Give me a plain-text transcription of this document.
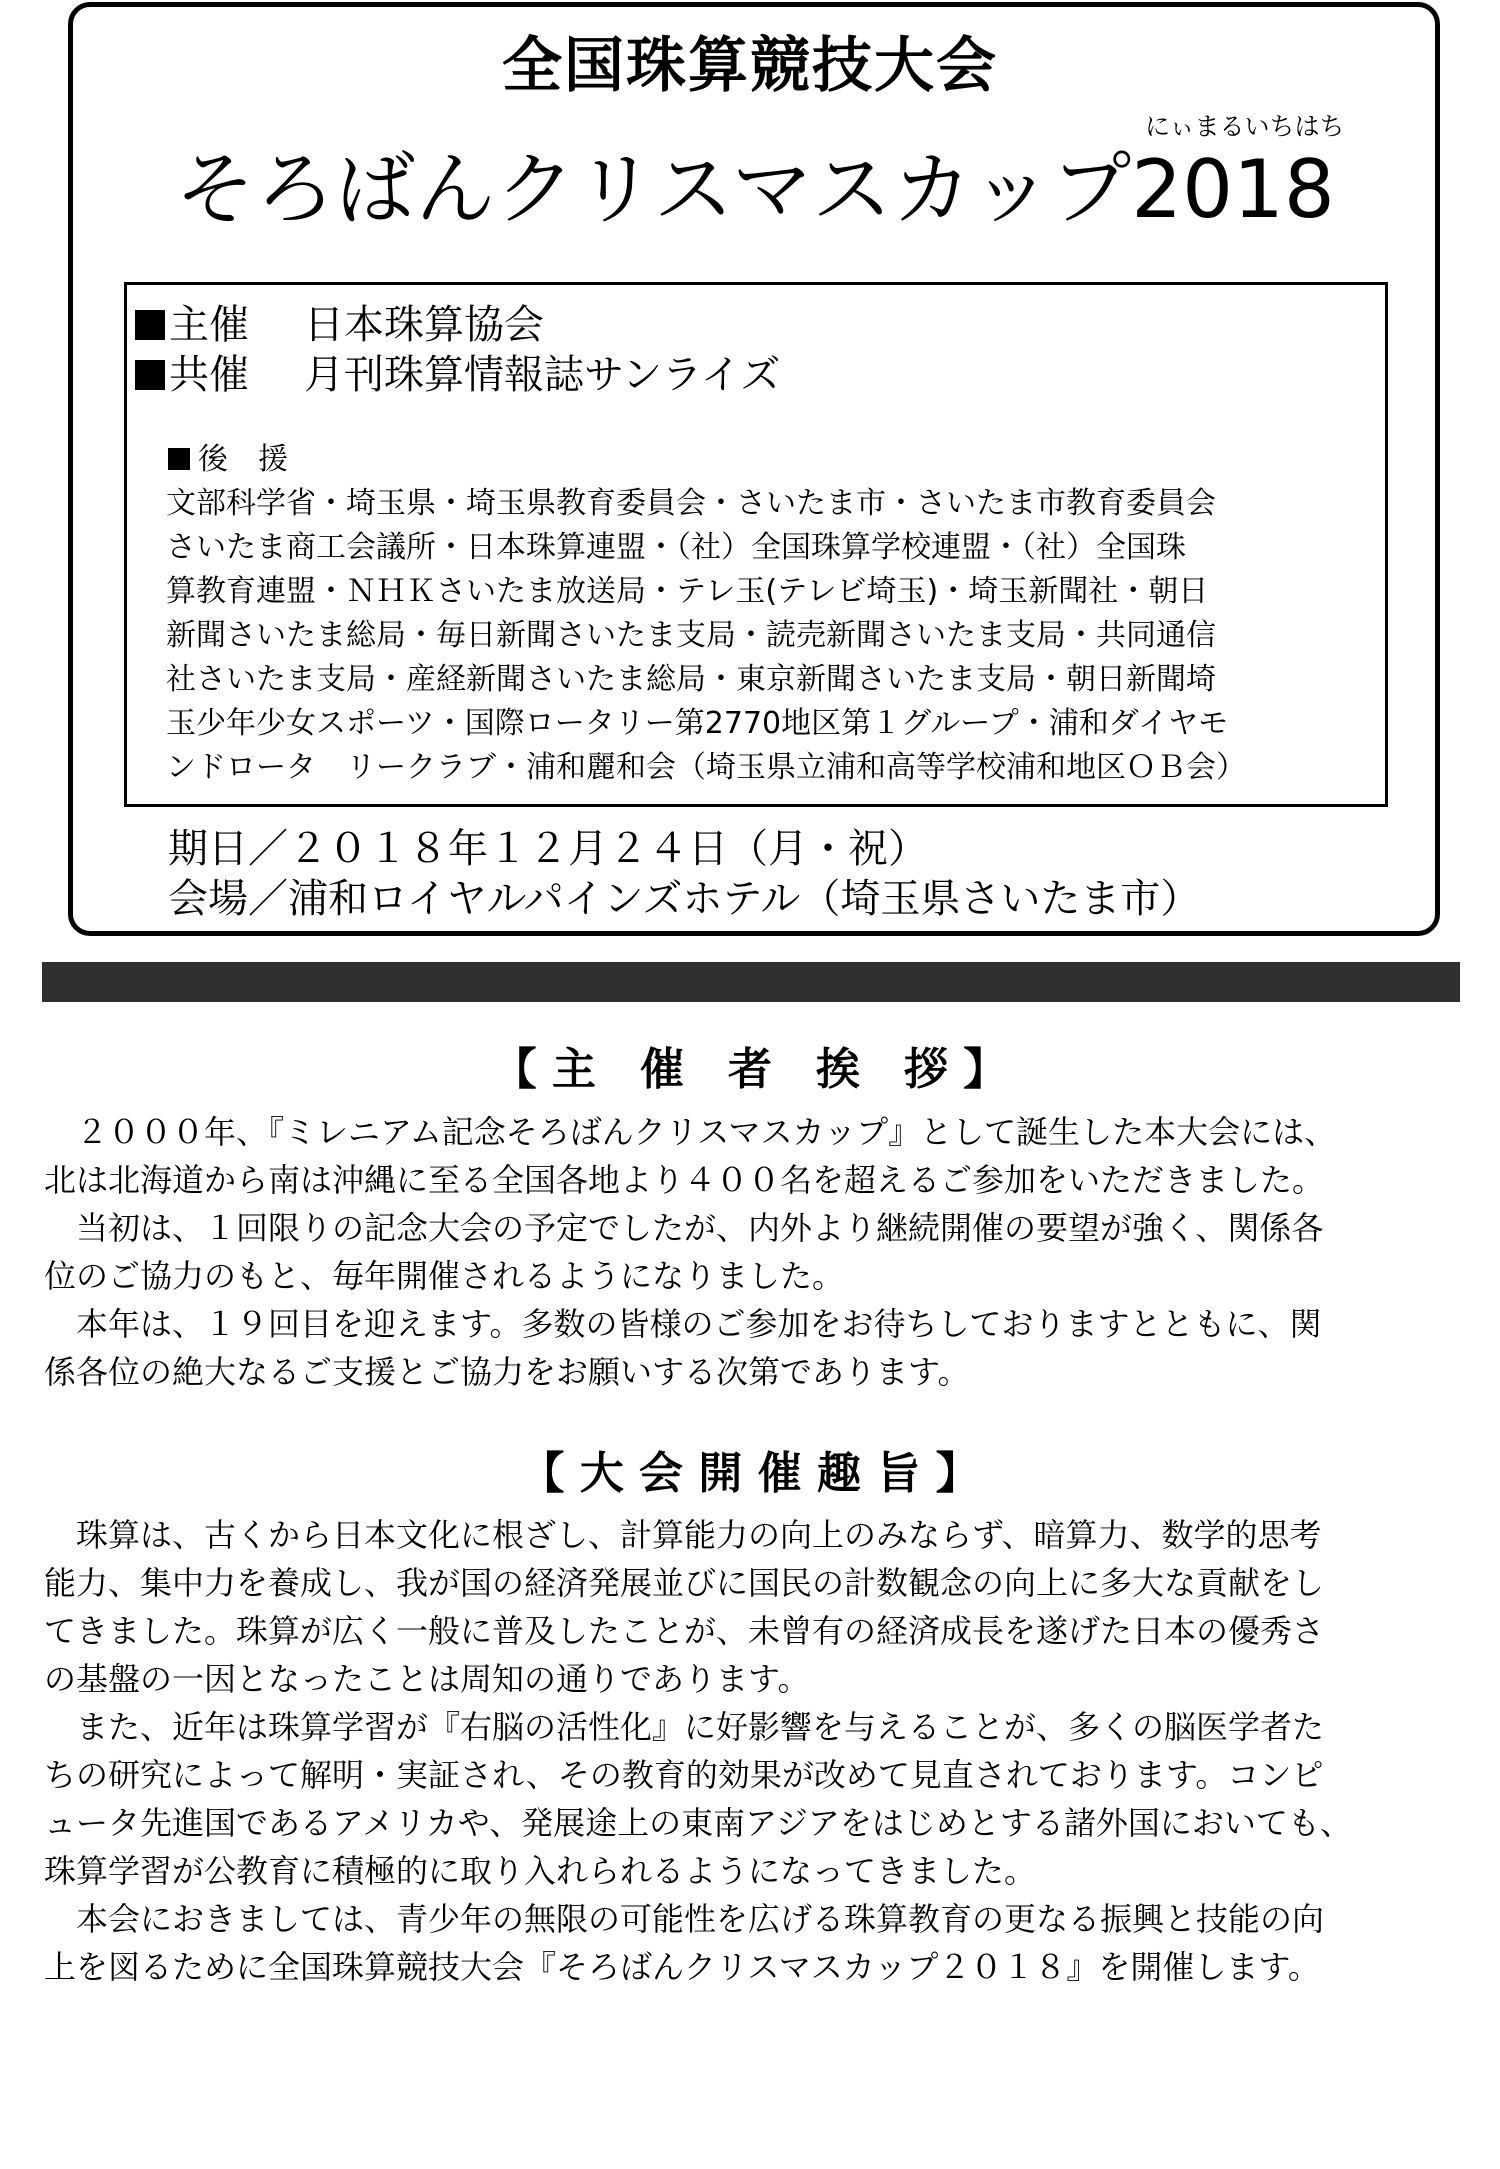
全国珠算競技大会
にぃまるいちはち
そろばんクリスマスカップ2018
主催 日本珠算協会
共催 月刊珠算情報誌サンライズ
後　援
文部科学省・埼玉県・埼玉県教育委員会・さいたま市・さいたま市教育委員会
さいたま商工会議所・日本珠算連盟・（社）全国珠算学校連盟・（社）全国珠
算教育連盟・ＮＨＫさいたま放送局・テレ玉(テレビ埼玉)・埼玉新聞社・朝日
新聞さいたま総局・毎日新聞さいたま支局・読売新聞さいたま支局・共同通信
社さいたま支局・産経新聞さいたま総局・東京新聞さいたま支局・朝日新聞埼
玉少年少女スポーツ・国際ロータリー第2770地区第１グループ・浦和ダイヤモ
ンドロータ　リークラブ・浦和麗和会（埼玉県立浦和高等学校浦和地区ＯＢ会）
期日／２０１８年１２月２４日（月・祝）
会場／浦和ロイヤルパインズホテル（埼玉県さいたま市）
【 主　催　者　挨　拶 】
　２０００年、『ミレニアム記念そろばんクリスマスカップ』として誕生した本大会には、
北は北海道から南は沖縄に至る全国各地より４００名を超えるご参加をいただきました。
　当初は、１回限りの記念大会の予定でしたが、内外より継続開催の要望が強く、関係各
位のご協力のもと、毎年開催されるようになりました。
　本年は、１９回目を迎えます。多数の皆様のご参加をお待ちしておりますとともに、関
係各位の絶大なるご支援とご協力をお願いする次第であります。
【 大 会 開 催 趣 旨 】
　珠算は、古くから日本文化に根ざし、計算能力の向上のみならず、暗算力、数学的思考
能力、集中力を養成し、我が国の経済発展並びに国民の計数観念の向上に多大な貢献をし
てきました。珠算が広く一般に普及したことが、未曾有の経済成長を遂げた日本の優秀さ
の基盤の一因となったことは周知の通りであります。
　また、近年は珠算学習が『右脳の活性化』に好影響を与えることが、多くの脳医学者た
ちの研究によって解明・実証され、その教育的効果が改めて見直されております。コンピ
ュータ先進国であるアメリカや、発展途上の東南アジアをはじめとする諸外国においても、
珠算学習が公教育に積極的に取り入れられるようになってきました。
　本会におきましては、青少年の無限の可能性を広げる珠算教育の更なる振興と技能の向
上を図るために全国珠算競技大会『そろばんクリスマスカップ２０１８』を開催します。
